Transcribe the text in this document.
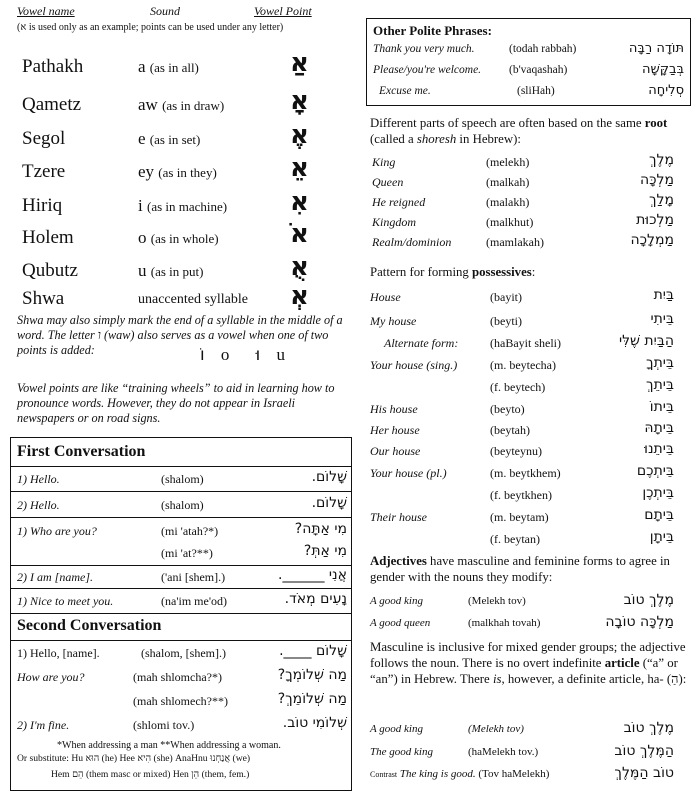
Vowel name	Sound	Vowel Point
(א is used only as an example; points can be used under any letter)
Pathakh	a (as in all)	אַ
Qametz	aw (as in draw)	אָ
Segol	e (as in set)	אֶ
Tzere	ey (as in they)	אֵ
Hiriq	i (as in machine) אִ
Holem	o (as in whole)	אֹ
Qubutz	u (as in put)	אֻ
Shwa	unaccented syllable אְ
Shwa may also simply mark the end of a syllable in the middle of a word. The letter ו (waw) also serves as a vowel when one of two points is added:	וֹ o וּ u
Vowel points are like “training wheels” to aid in learning how to pronounce words. However, they do not appear in Israeli newspapers or on road signs.
First Conversation
1) Hello.	(shalom)	שָׁלוֹם.
2) Hello.	(shalom)	שָׁלוֹם.
1) Who are you?	(mi 'atah?*)	מִי אַתָּה?
(mi 'at?**)	מִי אַתְּ?
2) I am [name].	('ani [shem].)	אֲנִי ______.
1) Nice to meet you.	(na'im me'od)	נָעִים מְאֹד.
Second Conversation
1) Hello, [name].	(shalom, [shem].)	שָׁלוֹם ____.
How are you?	(mah shlomcha?*)	מַה שְּׁלוֹמְךָ?
(mah shlomech?**)	מַה שְּׁלוֹמֵךְ?
2) I'm fine.	(shlomi tov.)	שְׁלוֹמִי טוֹב.
*When addressing a man **When addressing a woman.
Or substitute: Hu הוּא (he) Hee הִיא (she) AnaHnu אֲנַחְנוּ (we)
Hem הֵם (them masc or mixed) Hen הֵן (them, fem.)
Other Polite Phrases:
Thank you very much.	(todah rabbah)	תּוֹדָה רַבָּה
Please/you're welcome. (b'vaqashah)	בְּבַקָּשָׁה
Excuse me.	(sliHah)	סְלִיחָה
Different parts of speech are often based on the same root (called a shoresh in Hebrew):
King	(melekh)	מֶלֶךְ
Queen	(malkah)	מַלְכָּה
He reigned	(malakh)	מָלַךְ
Kingdom	(malkhut)	מַלְכוּת
Realm/dominion	(mamlakah)	מַמְלָכָה
Pattern for forming possessives:
House	(bayit)	בַּיִת
My house	(beyti)	בֵּיתִי
Alternate form:	(haBayit sheli)	הַבַּיִת שֶׁלִּי
Your house (sing.)	(m. beytecha)	בֵּיתְךָ
(f. beytech)	בֵּיתֵךְ
His house	(beyto)	בֵּיתוֹ
Her house	(beytah)	בֵּיתָהּ
Our house	(beyteynu)	בֵּיתֵנוּ
Your house (pl.)	(m. beytkhem)	בֵּיתְכֶם
(f. beytkhen)	בֵּיתְכֶן
Their house	(m. beytam)	בֵּיתָם
(f. beytan)	בֵּיתָן
Adjectives have masculine and feminine forms to agree in gender with the nouns they modify:
A good king	(Melekh tov)	מֶלֶךְ טוֹב
A good queen	(malkhah tovah)	מַלְכָּה טוֹבָה
Masculine is inclusive for mixed gender groups; the adjective follows the noun. There is no overt indefinite article (“a” or “an”) in Hebrew. There is, however, a definite article, ha- (הַ):
A good king	(Melekh tov)	מֶלֶךְ טוֹב
The good king	(haMelekh tov.)	הַמֶּלֶךְ טוֹב
Contrast The king is good. (Tov haMelekh)	טוֹב הַמֶּלֶךְ
